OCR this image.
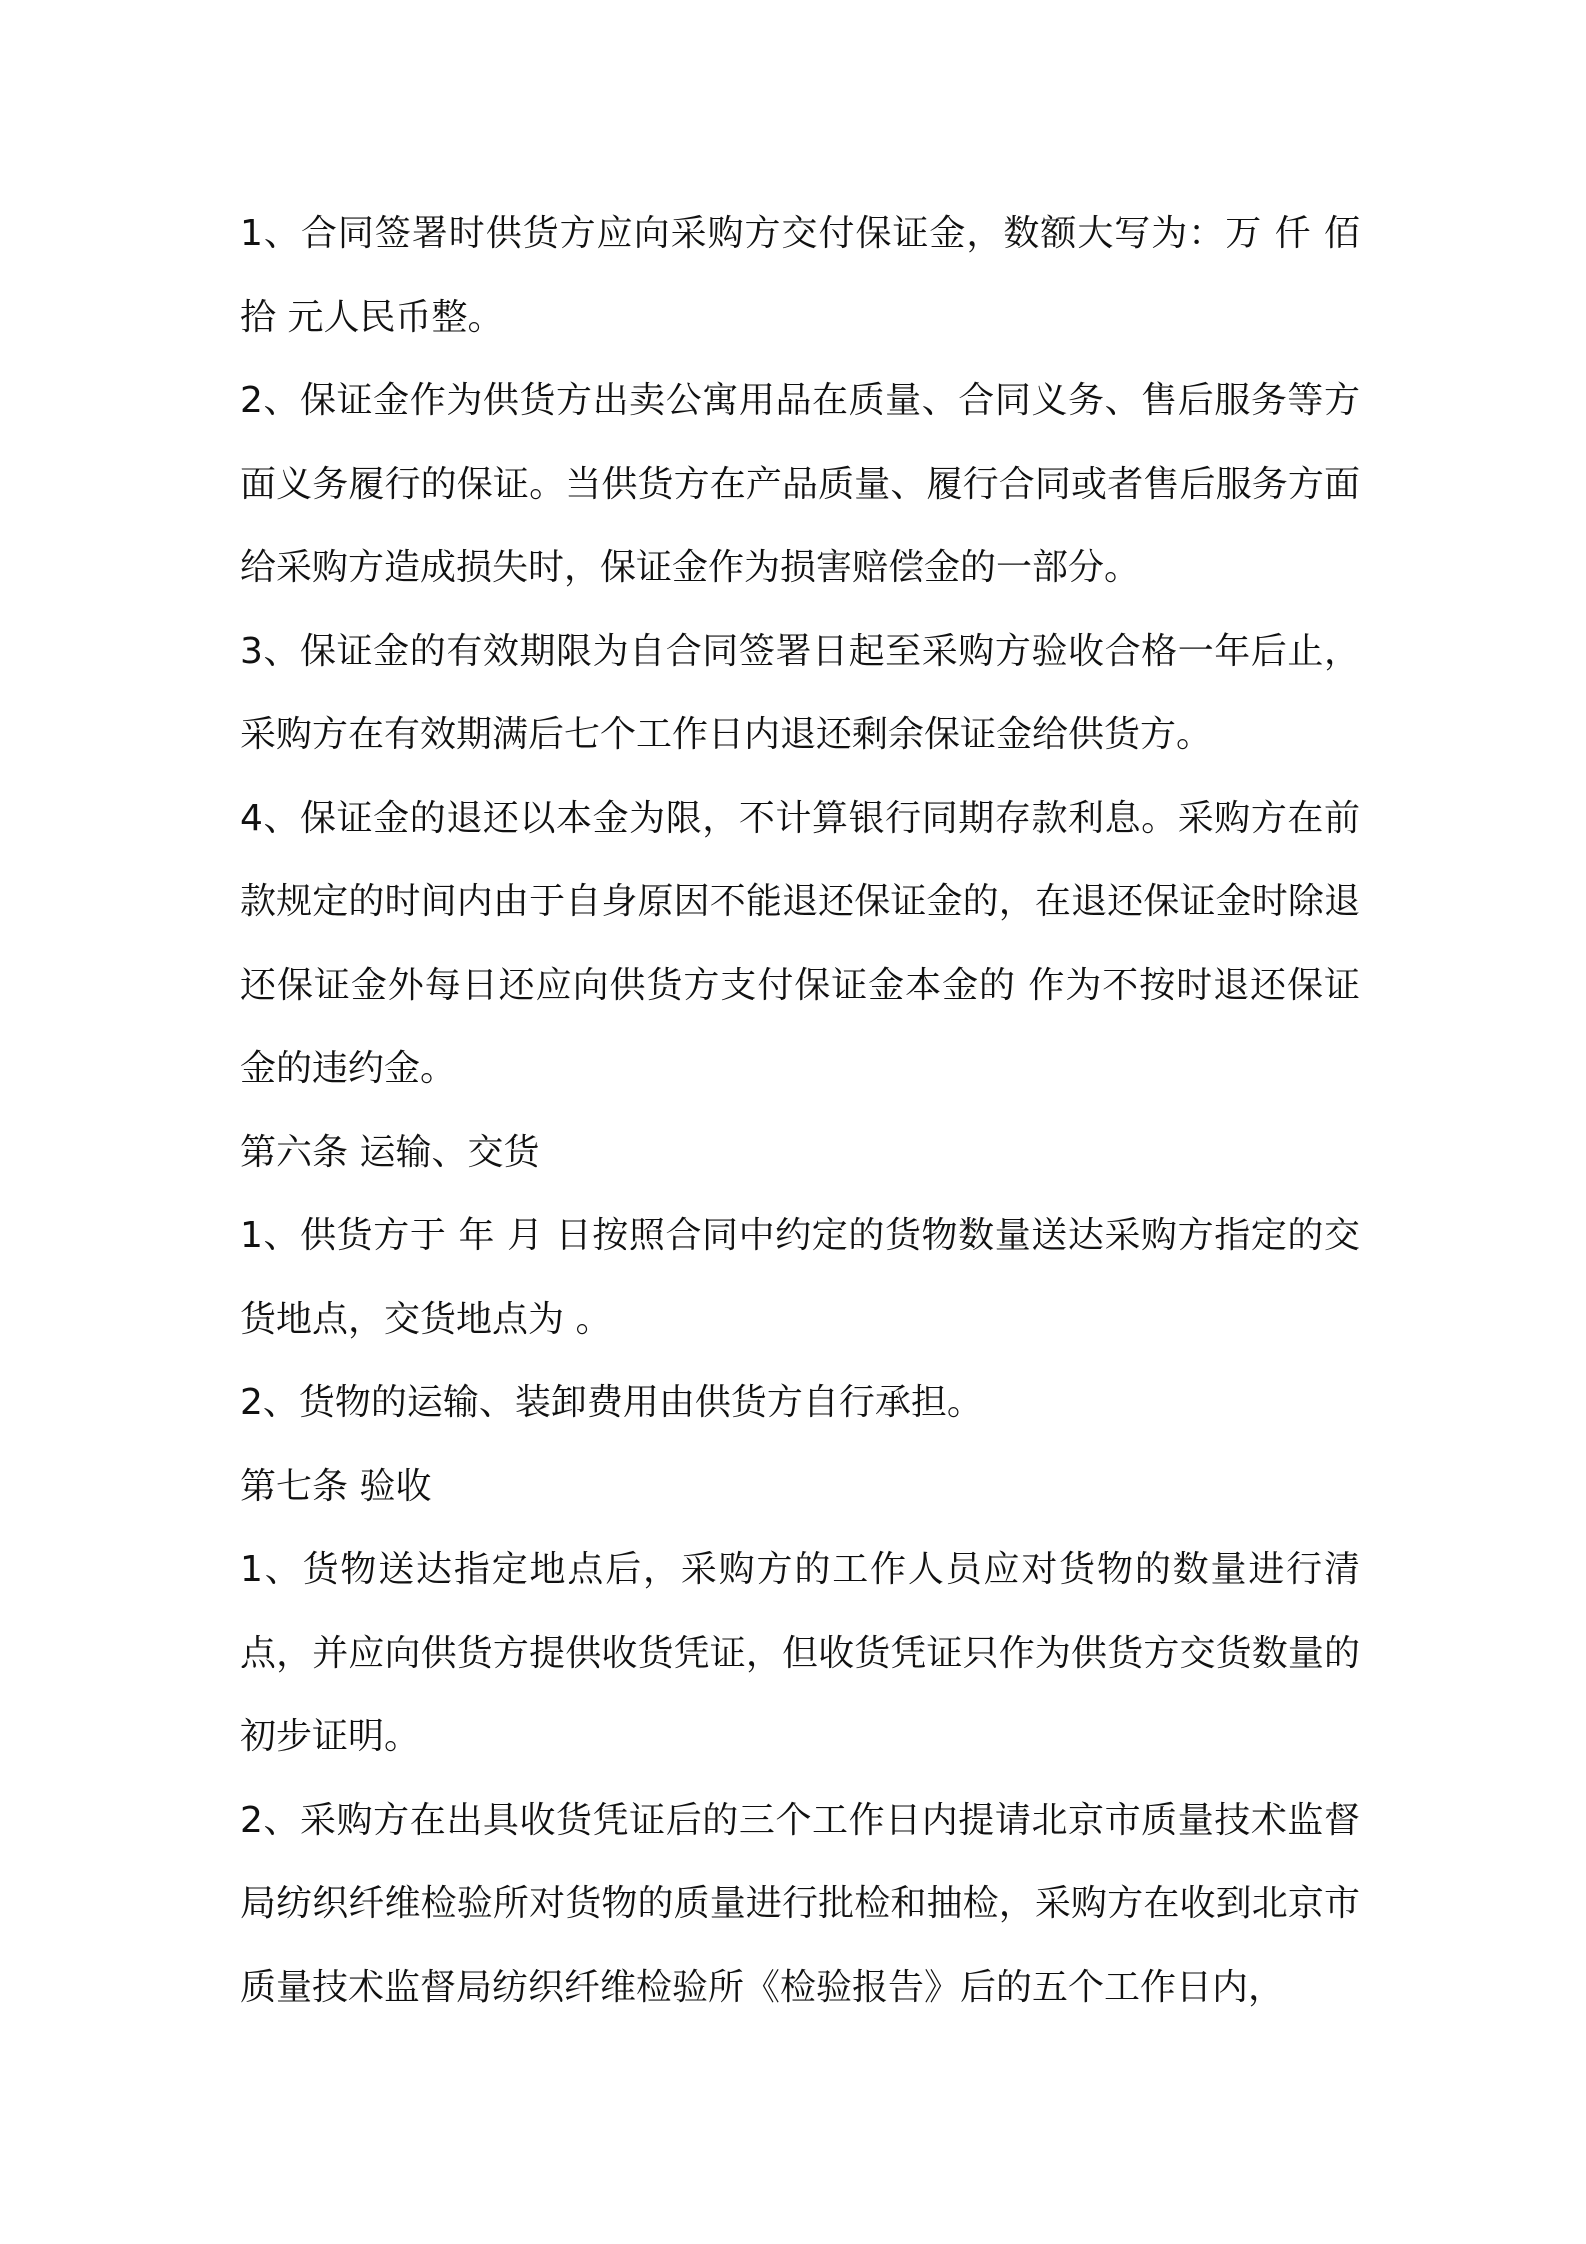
1、合同签署时供货方应向采购方交付保证金，数额大写为：万 仟 佰 拾 元人民币整。

2、保证金作为供货方出卖公寓用品在质量、合同义务、售后服务等方面义务履行的保证。当供货方在产品质量、履行合同或者售后服务方面给采购方造成损失时，保证金作为损害赔偿金的一部分。

3、保证金的有效期限为自合同签署日起至采购方验收合格一年后止，采购方在有效期满后七个工作日内退还剩余保证金给供货方。

4、保证金的退还以本金为限，不计算银行同期存款利息。采购方在前款规定的时间内由于自身原因不能退还保证金的，在退还保证金时除退还保证金外每日还应向供货方支付保证金本金的 作为不按时退还保证金的违约金。

第六条 运输、交货

1、供货方于 年 月 日按照合同中约定的货物数量送达采购方指定的交货地点，交货地点为 。

2、货物的运输、装卸费用由供货方自行承担。

第七条 验收

1、货物送达指定地点后，采购方的工作人员应对货物的数量进行清点，并应向供货方提供收货凭证，但收货凭证只作为供货方交货数量的初步证明。

2、采购方在出具收货凭证后的三个工作日内提请北京市质量技术监督局纺织纤维检验所对货物的质量进行批检和抽检，采购方在收到北京市质量技术监督局纺织纤维检验所《检验报告》后的五个工作日内，
